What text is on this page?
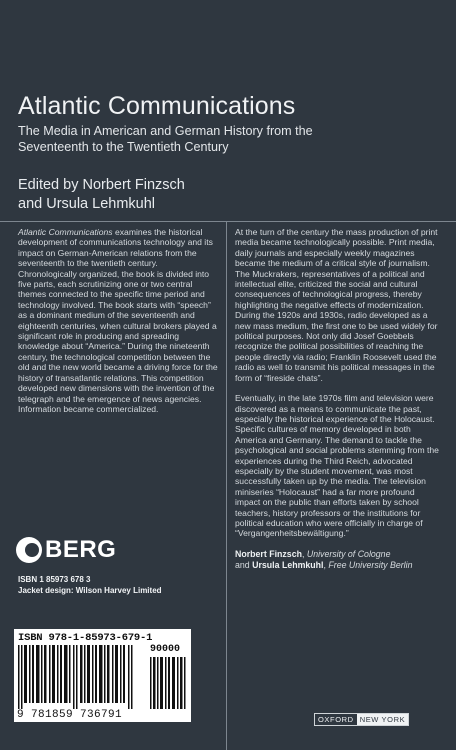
Atlantic Communications
The Media in American and German History from the Seventeenth to the Twentieth Century
Edited by Norbert Finzsch
and Ursula Lehmkuhl

Atlantic Communications examines the historical development of communications technology and its impact on German-American relations from the seventeenth to the twentieth century. Chronologically organized, the book is divided into five parts, each scrutinizing one or two central themes connected to the specific time period and technology involved. The book starts with “speech” as a dominant medium of the seventeenth and eighteenth centuries, when cultural brokers played a significant role in producing and spreading knowledge about “America.” During the nineteenth century, the technological competition between the old and the new world became a driving force for the history of transatlantic relations. This competition developed new dimensions with the invention of the telegraph and the emergence of news agencies. Information became commercialized.

At the turn of the century the mass production of print media became technologically possible. Print media, daily journals and especially weekly magazines became the medium of a critical style of journalism. The Muckrakers, representatives of a political and intellectual elite, criticized the social and cultural consequences of technological progress, thereby highlighting the negative effects of modernization. During the 1920s and 1930s, radio developed as a new mass medium, the first one to be used widely for political purposes. Not only did Josef Goebbels recognize the political possibilities of reaching the people directly via radio; Franklin Roosevelt used the radio as well to transmit his political messages in the form of “fireside chats”.

Eventually, in the late 1970s film and television were discovered as a means to communicate the past, especially the historical experience of the Holocaust. Specific cultures of memory developed in both America and Germany. The demand to tackle the psychological and social problems stemming from the experiences during the Third Reich, advocated especially by the student movement, was most successfully taken up by the media. The television miniseries “Holocaust” had a far more profound impact on the public than efforts taken by school teachers, history professors or the institutions for political education who were officially in charge of “Vergangenheitsbewältigung.”

Norbert Finzsch, University of Cologne
and Ursula Lehmkuhl, Free University Berlin
BERG
ISBN 1 85973 678 3
Jacket design: Wilson Harvey Limited
ISBN 978-1-85973-679-1
90000
9 781859 736791	OXFORD NEW YORK
